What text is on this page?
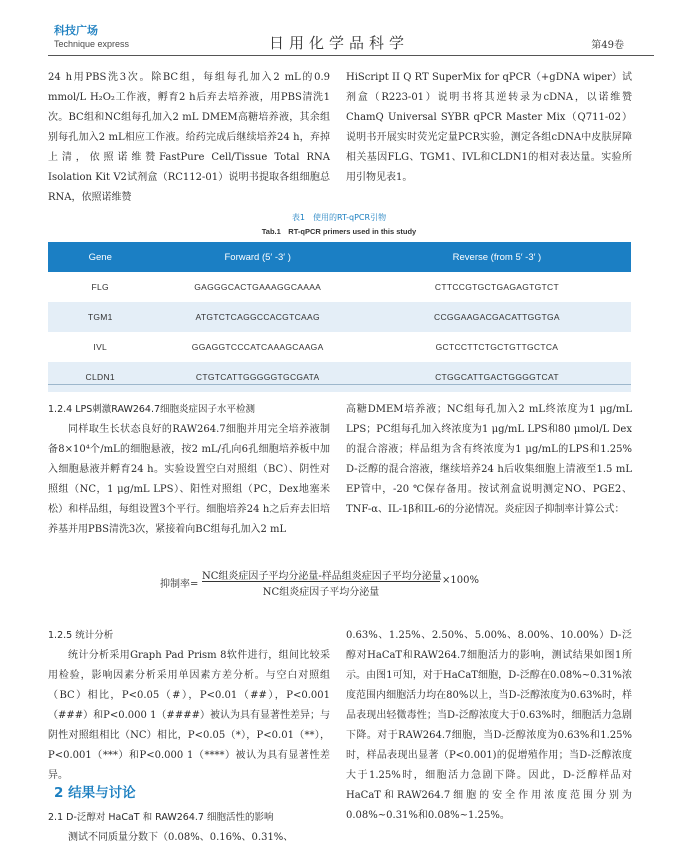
科技广场
Technique express	日用化学品科学	第49卷

24 h用PBS洗3次。除BC组，每组每孔加入2 mL的0.9 mmol/L H₂O₂工作液，孵育2 h后弃去培养液，用PBS清洗1次。BC组和NC组每孔加入2 mL DMEM高糖培养液，其余组别每孔加入2 mL相应工作液。给药完成后继续培养24 h，弃掉上清，依照诺维赞FastPure Cell/Tissue Total RNA Isolation Kit V2试剂盒（RC112-01）说明书提取各组细胞总RNA，依照诺维赞

HiScript II Q RT SuperMix for qPCR（+gDNA wiper）试剂盒（R223-01）说明书将其逆转录为cDNA，以诺维赞ChamQ Universal SYBR qPCR Master Mix（Q711-02）说明书开展实时荧光定量PCR实验，测定各组cDNA中皮肤屏障相关基因FLG、TGM1、IVL和CLDN1的相对表达量。实验所用引物见表1。

表1　使用的RT-qPCR引物
Tab.1　RT-qPCR primers used in this study
Gene	Forward (5′ -3′ )	Reverse (from 5′ -3′ )
FLG	GAGGGCACTGAAAGGCAAAA	CTTCCGTGCTGAGAGTGTCT
TGM1	ATGTCTCAGGCCACGTCAAG	CCGGAAGACGACATTGGTGA
IVL	GGAGGTCCCATCAAAGCAAGA	GCTCCTTCTGCTGTTGCTCA
CLDN1	CTGTCATTGGGGGTGCGATA	CTGGCATTGACTGGGGTCAT

1.2.4 LPS刺激RAW264.7细胞炎症因子水平检测

同样取生长状态良好的RAW264.7细胞并用完全培养液制备8×10⁴个/mL的细胞悬液，按2 mL/孔向6孔细胞培养板中加入细胞悬液并孵育24 h。实验设置空白对照组（BC）、阴性对照组（NC，1 μg/mL LPS）、阳性对照组（PC，Dex地塞米松）和样品组，每组设置3个平行。细胞培养24 h之后弃去旧培养基并用PBS清洗3次，紧接着向BC组每孔加入2 mL

高糖DMEM培养液；NC组每孔加入2 mL终浓度为1 μg/mL LPS；PC组每孔加入终浓度为1 μg/mL LPS和80 μmol/L Dex的混合溶液；样品组为含有终浓度为1 μg/mL的LPS和1.25% D-泛醇的混合溶液，继续培养24 h后收集细胞上清液至1.5 mL EP管中，-20 ℃保存备用。按试剂盒说明测定NO、PGE2、TNF-α、IL-1β和IL-6的分泌情况。炎症因子抑制率计算公式：

抑制率=
NC组炎症因子平均分泌量-样品组炎症因子平均分泌量
NC组炎症因子平均分泌量
×100%

1.2.5 统计分析

统计分析采用Graph Pad Prism 8软件进行，组间比较采用检验，影响因素分析采用单因素方差分析。与空白对照组（BC）相比，P<0.05（#），P<0.01（##），P<0.001（###）和P<0.000 1（####）被认为具有显著性差异；与阴性对照组相比（NC）相比，P<0.05（*），P<0.01（**），P<0.001（***）和P<0.000 1（****）被认为具有显著性差异。

2 结果与讨论

2.1 D-泛醇对 HaCaT 和 RAW264.7 细胞活性的影响

测试不同质量分数下（0.08%、0.16%、0.31%、

0.63%、1.25%、2.50%、5.00%、8.00%、10.00%）D-泛醇对HaCaT和RAW264.7细胞活力的影响，测试结果如图1所示。由图1可知，对于HaCaT细胞，D-泛醇在0.08%~0.31%浓度范围内细胞活力均在80%以上，当D-泛醇浓度为0.63%时，样品表现出轻微毒性；当D-泛醇浓度大于0.63%时，细胞活力急剧下降。对于RAW264.7细胞，当D-泛醇浓度为0.63%和1.25%时，样品表现出显著（P<0.001)的促增殖作用；当D-泛醇浓度大于1.25%时，细胞活力急剧下降。因此，D-泛醇样品对HaCaT和RAW264.7细胞的安全作用浓度范围分别为0.08%~0.31%和0.08%~1.25%。
